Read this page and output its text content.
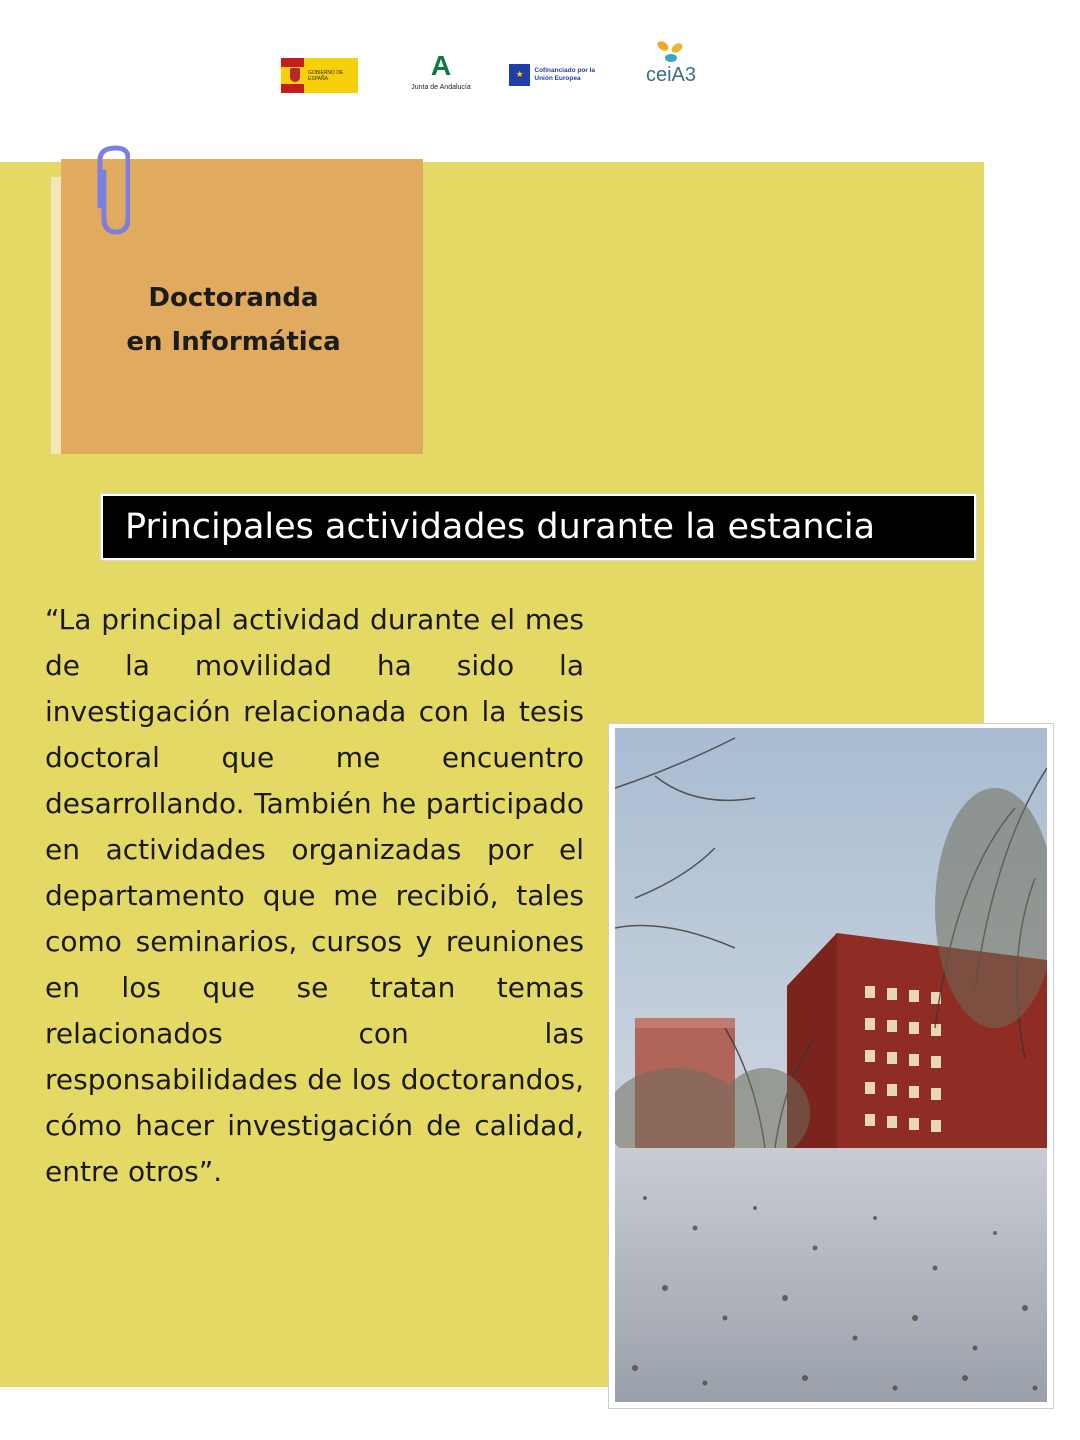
GOBIERNO DE ESPAÑA	A
Junta de Andalucía
★	Cofinanciado por la Unión Europea	ceiA3
Doctoranda
en Informática
Principales actividades durante la estancia

“La principal actividad durante el mes de la movilidad ha sido la investigación relacionada con la tesis doctoral que me encuentro desarrollando. También he participado en actividades organizadas por el departamento que me recibió, tales como seminarios, cursos y reuniones en los que se tratan temas relacionados con las responsabilidades de los doctorandos, cómo hacer investigación de calidad, entre otros”.
